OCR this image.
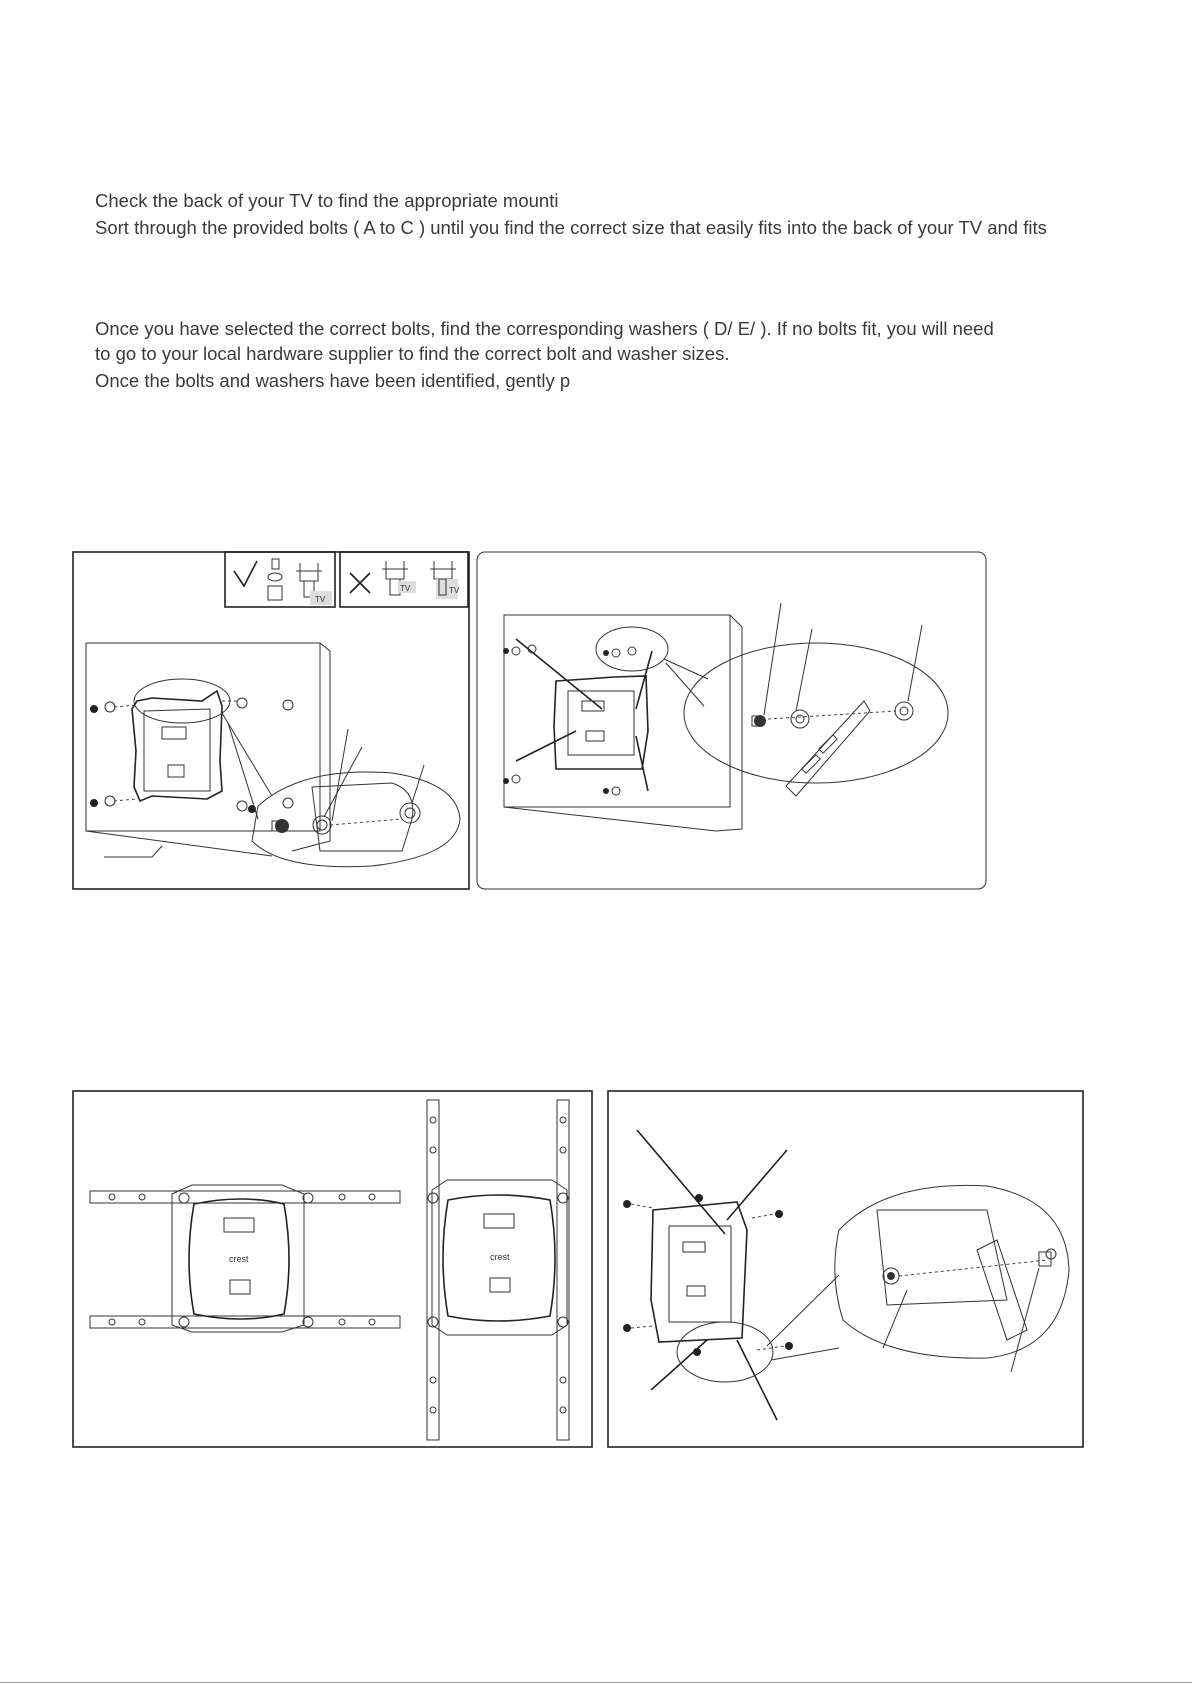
Check the back of your TV to find the appropriate mounti
Sort through the provided bolts ( A to C ) until you find the correct size that easily fits into the back of your TV and fits
Once you have selected the correct bolts, find the corresponding washers ( D/ E/ ). If no bolts fit, you will need
to go to your local hardware supplier to find the correct bolt and washer sizes.
Once the bolts and washers have been identified, gently p
TV
TV	TV
crest	crest
